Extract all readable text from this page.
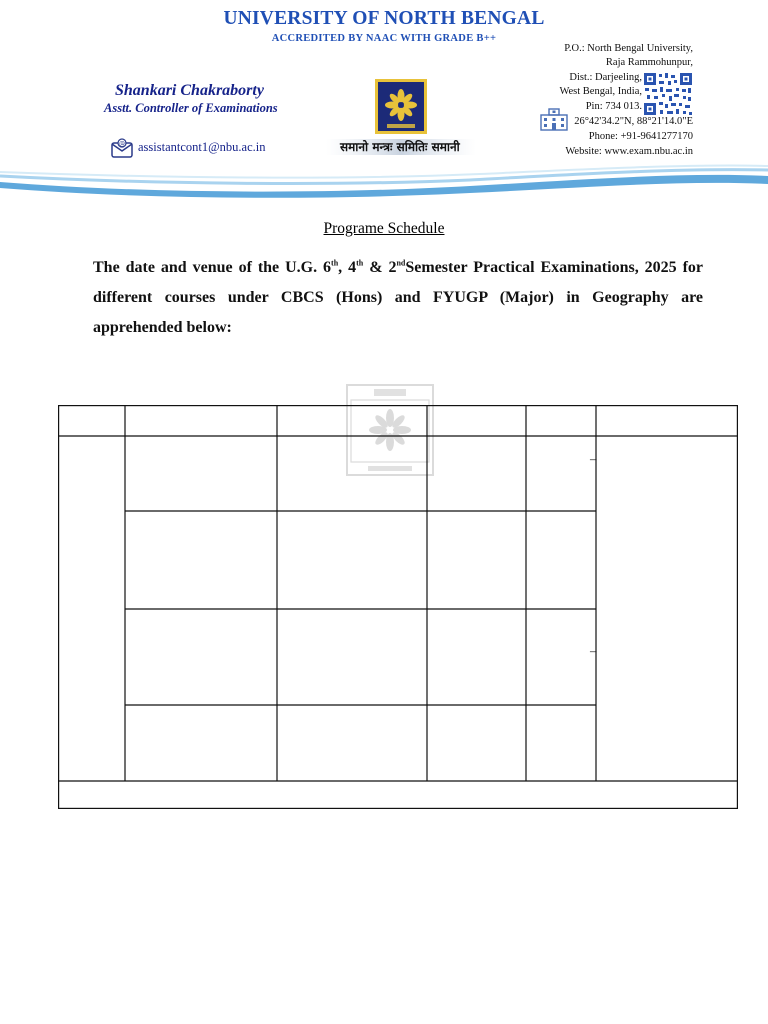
UNIVERSITY OF NORTH BENGAL
ACCREDITED BY NAAC WITH GRADE B++
Shankari Chakraborty
Asstt. Controller of Examinations
@ assistantcont1@nbu.ac.in	समानो मन्त्रः समितिः समानी
P.O.: North Bengal University,
Raja Rammohunpur,
Dist.: Darjeeling,
West Bengal, India,
Pin: 734 013.
26°42'34.2"N, 88°21'14.0"E
Phone: +91-9641277170
Website: www.exam.nbu.ac.in
Programe Schedule
The date and venue of the U.G. 6th, 4th & 2ndSemester Practical Examinations, 2025 for different courses under CBCS (Hons) and FYUGP (Major) in Geography are apprehended below:
–
–
